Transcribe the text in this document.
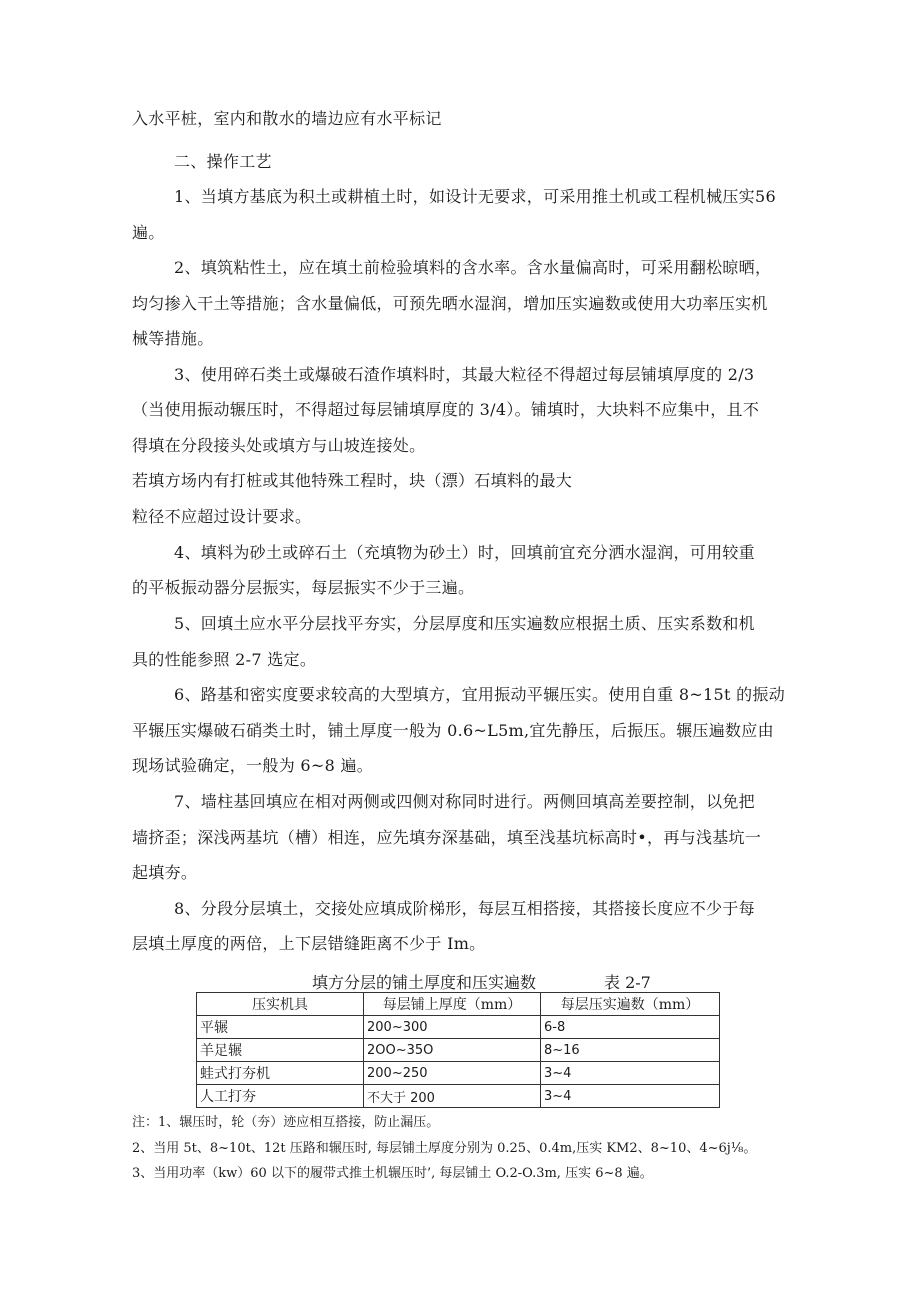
入水平桩，室内和散水的墙边应有水平标记
二、操作工艺
1、当填方基底为积土或耕植土时，如设计无要求，可采用推土机或工程机械压实56
遍。
2、填筑粘性土，应在填土前检验填料的含水率。含水量偏高时，可采用翻松晾晒，
均匀掺入干土等措施；含水量偏低，可预先晒水湿润，增加压实遍数或使用大功率压实机
械等措施。
3、使用碎石类土或爆破石渣作填料时，其最大粒径不得超过每层铺填厚度的 2/3
（当使用振动辗压时，不得超过每层铺填厚度的 3/4）。铺填时，大块料不应集中，且不
得填在分段接头处或填方与山坡连接处。
若填方场内有打桩或其他特殊工程时，块（漂）石填料的最大
粒径不应超过设计要求。
4、填料为砂土或碎石土（充填物为砂土）时，回填前宜充分洒水湿润，可用较重
的平板振动器分层振实，每层振实不少于三遍。
5、回填土应水平分层找平夯实，分层厚度和压实遍数应根据土质、压实系数和机
具的性能参照 2-7 选定。
6、路基和密实度要求较高的大型填方，宜用振动平辗压实。使用自重 8~15t 的振动
平辗压实爆破石硝类土时，铺土厚度一般为 0.6~L5m,宜先静压，后振压。辗压遍数应由
现场试验确定，一般为 6~8 遍。
7、墙柱基回填应在相对两侧或四侧对称同时进行。两侧回填高差要控制，以免把
墙挤歪；深浅两基坑（槽）相连，应先填夯深基础，填至浅基坑标高时•，再与浅基坑一
起填夯。
8、分段分层填土，交接处应填成阶梯形，每层互相搭接，其搭接长度应不少于每
层填土厚度的两倍，上下层错缝距离不少于 Im。
填方分层的铺土厚度和压实遍数	表 2-7
压实机具	每层铺上厚度（mm）	每层压实遍数（mm）
平辗	200~300	6-8
羊足辗	2OO~35O	8~16
蛙式打夯机	200~250	3~4
人工打夯	不大于 200	3~4
注：1、辗压时，轮（夯）迹应相互搭接，防止漏压。
2、当用 5t、8~10t、12t 压路和辗压时, 每层铺土厚度分别为 0.25、0.4m,压实 KM2、8~10、4~6j⅛。
3、当用功率（kw）60 以下的履带式推土机辗压时’, 每层铺土 O.2-O.3m, 压实 6~8 遍。
